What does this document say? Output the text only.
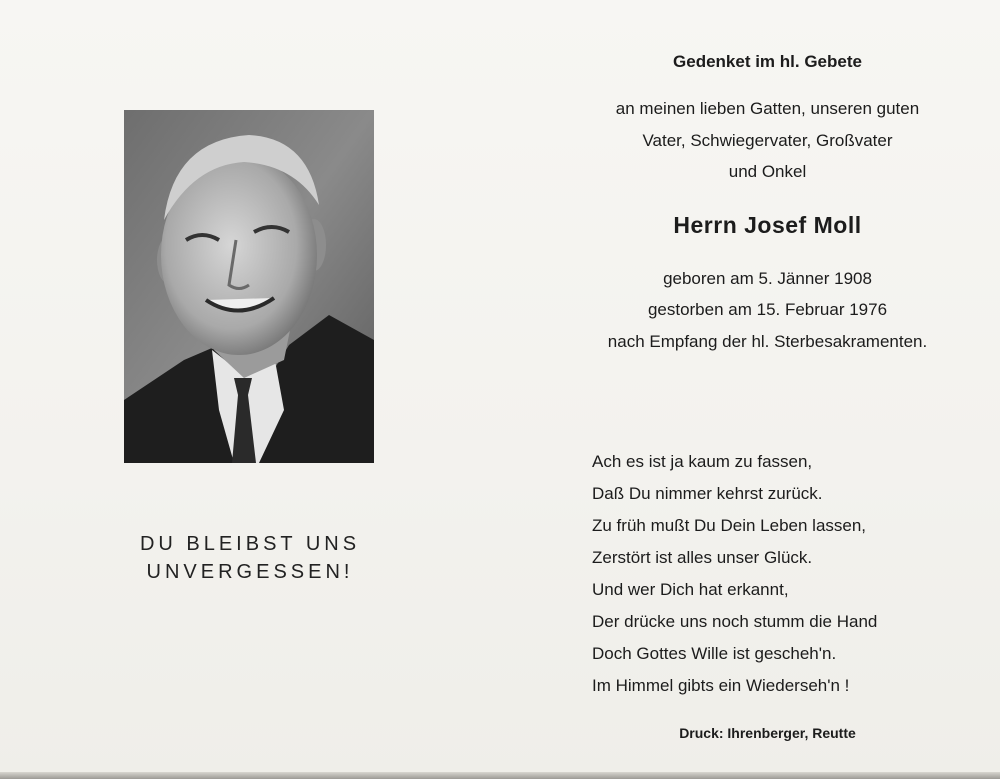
DU BLEIBST UNS
UNVERGESSEN!
Gedenket im hl. Gebete
an meinen lieben Gatten, unseren guten
Vater, Schwiegervater, Großvater
und Onkel
Herrn Josef Moll
geboren am 5. Jänner 1908
gestorben am 15. Februar 1976
nach Empfang der hl. Sterbesakramenten.
Ach es ist ja kaum zu fassen,
Daß Du nimmer kehrst zurück.
Zu früh mußt Du Dein Leben lassen,
Zerstört ist alles unser Glück.
Und wer Dich hat erkannt,
Der drücke uns noch stumm die Hand
Doch Gottes Wille ist gescheh'n.
Im Himmel gibts ein Wiederseh'n !
Druck: Ihrenberger, Reutte
